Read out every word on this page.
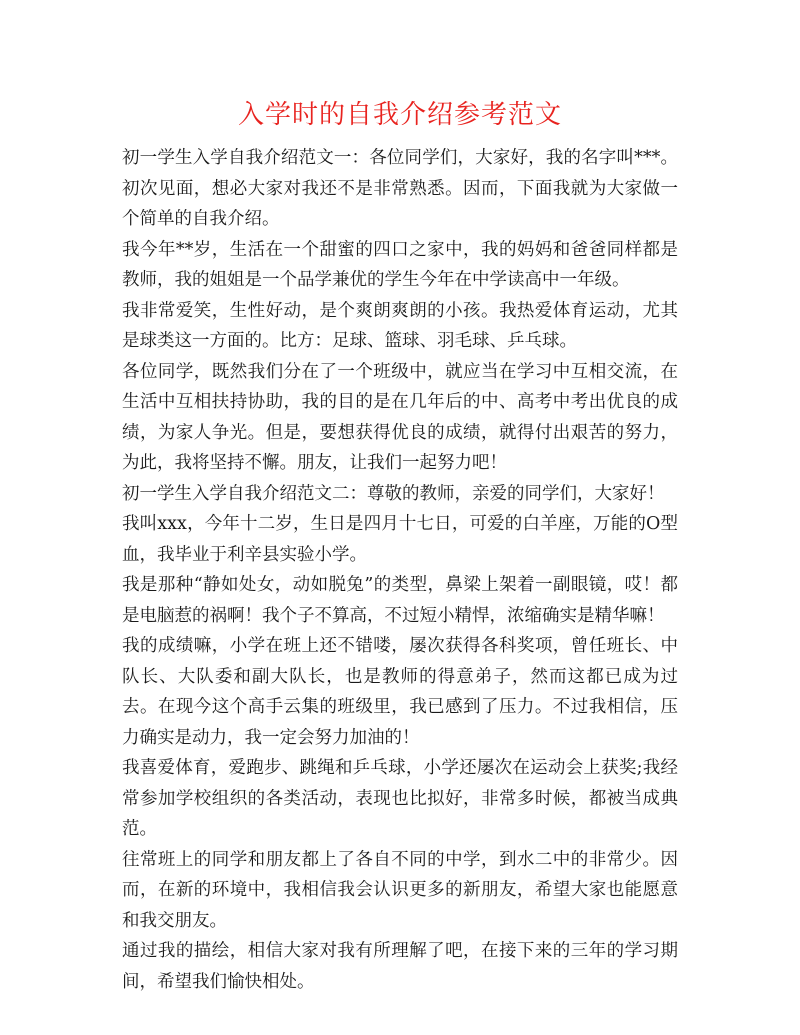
入学时的自我介绍参考范文

初一学生入学自我介绍范文一：各位同学们，大家好，我的名字叫***。初次见面，想必大家对我还不是非常熟悉。因而，下面我就为大家做一个简单的自我介绍。

我今年**岁，生活在一个甜蜜的四口之家中，我的妈妈和爸爸同样都是教师，我的姐姐是一个品学兼优的学生今年在中学读高中一年级。

我非常爱笑，生性好动，是个爽朗爽朗的小孩。我热爱体育运动，尤其是球类这一方面的。比方：足球、篮球、羽毛球、乒乓球。

各位同学，既然我们分在了一个班级中，就应当在学习中互相交流，在生活中互相扶持协助，我的目的是在几年后的中、高考中考出优良的成绩，为家人争光。但是，要想获得优良的成绩，就得付出艰苦的努力，为此，我将坚持不懈。朋友，让我们一起努力吧！

初一学生入学自我介绍范文二：尊敬的教师，亲爱的同学们，大家好！

我叫xxx，今年十二岁，生日是四月十七日，可爱的白羊座，万能的O型血，我毕业于利辛县实验小学。

我是那种“静如处女，动如脱兔”的类型，鼻梁上架着一副眼镜，哎！都是电脑惹的祸啊！我个子不算高，不过短小精悍，浓缩确实是精华嘛！

我的成绩嘛，小学在班上还不错喽，屡次获得各科奖项，曾任班长、中队长、大队委和副大队长，也是教师的得意弟子，然而这都已成为过去。在现今这个高手云集的班级里，我已感到了压力。不过我相信，压力确实是动力，我一定会努力加油的！

我喜爱体育，爱跑步、跳绳和乒乓球，小学还屡次在运动会上获奖;我经常参加学校组织的各类活动，表现也比拟好，非常多时候，都被当成典范。

往常班上的同学和朋友都上了各自不同的中学，到水二中的非常少。因而，在新的环境中，我相信我会认识更多的新朋友，希望大家也能愿意和我交朋友。

通过我的描绘，相信大家对我有所理解了吧，在接下来的三年的学习期间，希望我们愉快相处。
